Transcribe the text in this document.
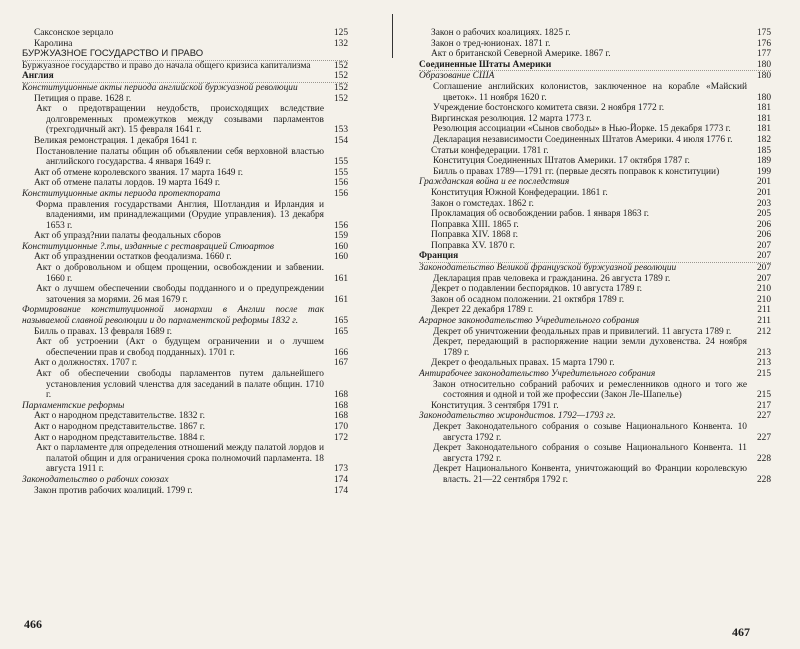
Саксонское зерцало	125
Каролина	132
БУРЖУАЗНОЕ ГОСУДАРСТВО И ПРАВО
Буржуазное государство и право до начала общего кризиса капитализма	152
Англия	152
Конституционные акты периода английской буржуазной революции	152
Петиция о праве. 1628 г.	152
Акт о предотвращении неудобств, происходящих вследствие долговременных промежутков между созывами парламентов (трехгодичный акт). 15 февраля 1641 г.	153
Великая ремонстрация. 1 декабря 1641 г.	154
Постановление палаты общин об объявлении себя верховной властью английского государства. 4 января 1649 г.	155
Акт об отмене королевского звания. 17 марта 1649 г.	155
Акт об отмене палаты лордов. 19 марта 1649 г.	156
Конституционные акты периода протектората	156
Форма правления государствами Англия, Шотландия и Ирландия и владениями, им принадлежащими (Орудие управления). 13 декабря 1653 г.	156
Акт об упразд?нии палаты феодальных сборов	159
Конституционные ?.ты, изданные с реставрацией Стюартов	160
Акт об упразднении остатков феодализма. 1660 г.	160
Акт о добровольном и общем прощении, освобождении и забвении. 1660 г.	161
Акт о лучшем обеспечении свободы подданного и о предупреждении заточения за морями. 26 мая 1679 г.	161
Формирование конституционной монархии в Англии после так называемой славной революции и до парламентской реформы 1832 г.	165
Билль о правах. 13 февраля 1689 г.	165
Акт об устроении (Акт о будущем ограничении и о лучшем обеспечении прав и свобод подданных). 1701 г.	166
Акт о должностях. 1707 г.	167
Акт об обеспечении свободы парламентов путем дальнейшего установления условий членства для заседаний в палате общин. 1710 г.	168
Парламентские реформы	168
Акт о народном представительстве. 1832 г.	168
Акт о народном представительстве. 1867 г.	170
Акт о народном представительстве. 1884 г.	172
Акт о парламенте для определения отношений между палатой лордов и палатой общин и для ограничения срока полномочий парламента. 18 августа 1911 г.	173
Законодательство о рабочих союзах	174
Закон против рабочих коалиций. 1799 г.	174
Закон о рабочих коалициях. 1825 г.	175
Закон о тред-юнионах. 1871 г.	176
Акт о британской Северной Америке. 1867 г.	177
Соединенные Штаты Америки	180
Образование США	180
Соглашение английских колонистов, заключенное на корабле «Майский цветок». 11 ноября 1620 г.	180
Учреждение бостонского комитета связи. 2 ноября 1772 г.	181
Виргинская резолюция. 12 марта 1773 г.	181
Резолюция ассоциации «Сынов свободы» в Нью-Йорке. 15 декабря 1773 г.	181
Декларация независимости Соединенных Штатов Америки. 4 июля 1776 г.	182
Статьи конфедерации. 1781 г.	185
Конституция Соединенных Штатов Америки. 17 октября 1787 г.	189
Билль о правах 1789—1791 гг. (первые десять поправок к конституции)	199
Гражданская война и ее последствия	201
Конституция Южной Конфедерации. 1861 г.	201
Закон о гомстедах. 1862 г.	203
Прокламация об освобождении рабов. 1 января 1863 г.	205
Поправка XIII. 1865 г.	206
Поправка XIV. 1868 г.	206
Поправка XV. 1870 г.	207
Франция	207
Законодательство Великой французской буржуазной революции	207
Декларация прав человека и гражданина. 26 августа 1789 г.	207
Декрет о подавлении беспорядков. 10 августа 1789 г.	210
Закон об осадном положении. 21 октября 1789 г.	210
Декрет 22 декабря 1789 г.	211
Аграрное законодательство Учредительного собрания	211
Декрет об уничтожении феодальных прав и привилегий. 11 августа 1789 г.	212
Декрет, передающий в распоряжение нации земли духовенства. 24 ноября 1789 г.	213
Декрет о феодальных правах. 15 марта 1790 г.	213
Антирабочее законодательство Учредительного собрания	215
Закон относительно собраний рабочих и ремесленников одного и того же состояния и одной и той же профессии (Закон Ле-Шапелье)	215
Конституция. 3 сентября 1791 г.	217
Законодательство жирондистов. 1792—1793 гг.	227
Декрет Законодательного собрания о созыве Национального Конвента. 10 августа 1792 г.	227
Декрет Законодательного собрания о созыве Национального Конвента. 11 августа 1792 г.	228
Декрет Национального Конвента, уничтожающий во Франции королевскую власть. 21—22 сентября 1792 г.	228
466
467
